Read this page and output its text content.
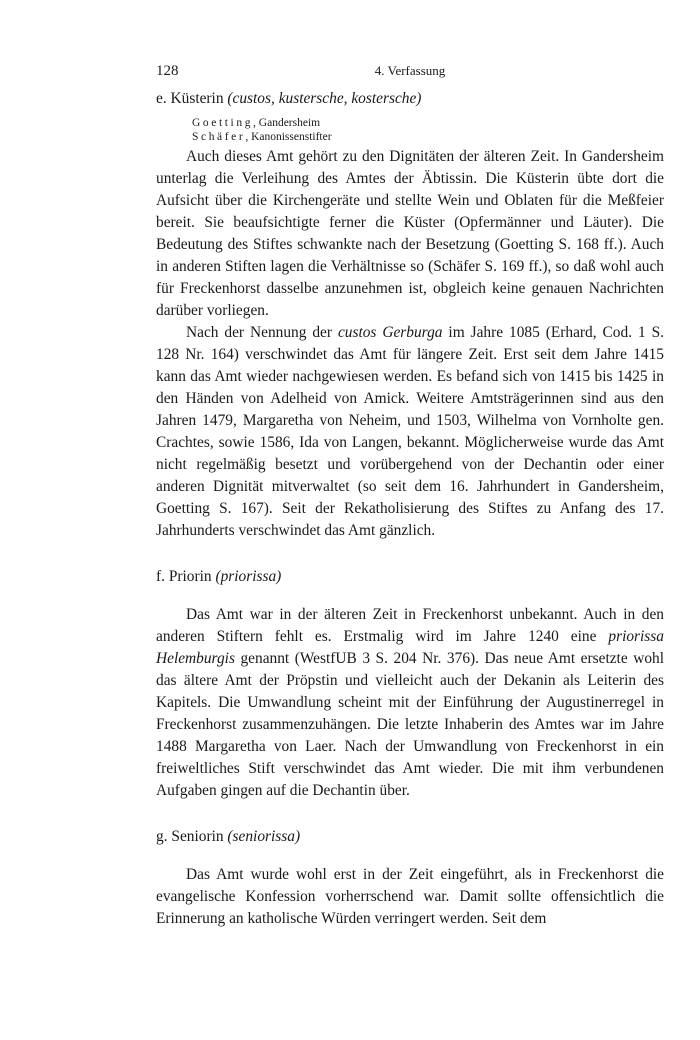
128	4. Verfassung
e. Küsterin (custos, kustersche, kostersche)
Goetting, Gandersheim
Schäfer, Kanonissenstifter

Auch dieses Amt gehört zu den Dignitäten der älteren Zeit. In Gandersheim unterlag die Verleihung des Amtes der Äbtissin. Die Küsterin übte dort die Aufsicht über die Kirchengeräte und stellte Wein und Oblaten für die Meßfeier bereit. Sie beaufsichtigte ferner die Küster (Opfermänner und Läuter). Die Bedeutung des Stiftes schwankte nach der Besetzung (Goetting S. 168 ff.). Auch in anderen Stiften lagen die Verhältnisse so (Schäfer S. 169 ff.), so daß wohl auch für Freckenhorst dasselbe anzunehmen ist, obgleich keine genauen Nachrichten darüber vorliegen.

Nach der Nennung der custos Gerburga im Jahre 1085 (Erhard, Cod. 1 S. 128 Nr. 164) verschwindet das Amt für längere Zeit. Erst seit dem Jahre 1415 kann das Amt wieder nachgewiesen werden. Es befand sich von 1415 bis 1425 in den Händen von Adelheid von Amick. Weitere Amtsträgerinnen sind aus den Jahren 1479, Margaretha von Neheim, und 1503, Wilhelma von Vornholte gen. Crachtes, sowie 1586, Ida von Langen, bekannt. Möglicherweise wurde das Amt nicht regelmäßig besetzt und vorübergehend von der Dechantin oder einer anderen Dignität mitverwaltet (so seit dem 16. Jahrhundert in Gandersheim, Goetting S. 167). Seit der Rekatholisierung des Stiftes zu Anfang des 17. Jahrhunderts verschwindet das Amt gänzlich.

f. Priorin (priorissa)

Das Amt war in der älteren Zeit in Freckenhorst unbekannt. Auch in den anderen Stiftern fehlt es. Erstmalig wird im Jahre 1240 eine priorissa Helemburgis genannt (WestfUB 3 S. 204 Nr. 376). Das neue Amt ersetzte wohl das ältere Amt der Pröpstin und vielleicht auch der Dekanin als Leiterin des Kapitels. Die Umwandlung scheint mit der Einführung der Augustinerregel in Freckenhorst zusammenzuhängen. Die letzte Inhaberin des Amtes war im Jahre 1488 Margaretha von Laer. Nach der Umwandlung von Freckenhorst in ein freiweltliches Stift verschwindet das Amt wieder. Die mit ihm verbundenen Aufgaben gingen auf die Dechantin über.

g. Seniorin (seniorissa)

Das Amt wurde wohl erst in der Zeit eingeführt, als in Freckenhorst die evangelische Konfession vorherrschend war. Damit sollte offensichtlich die Erinnerung an katholische Würden verringert werden. Seit dem
